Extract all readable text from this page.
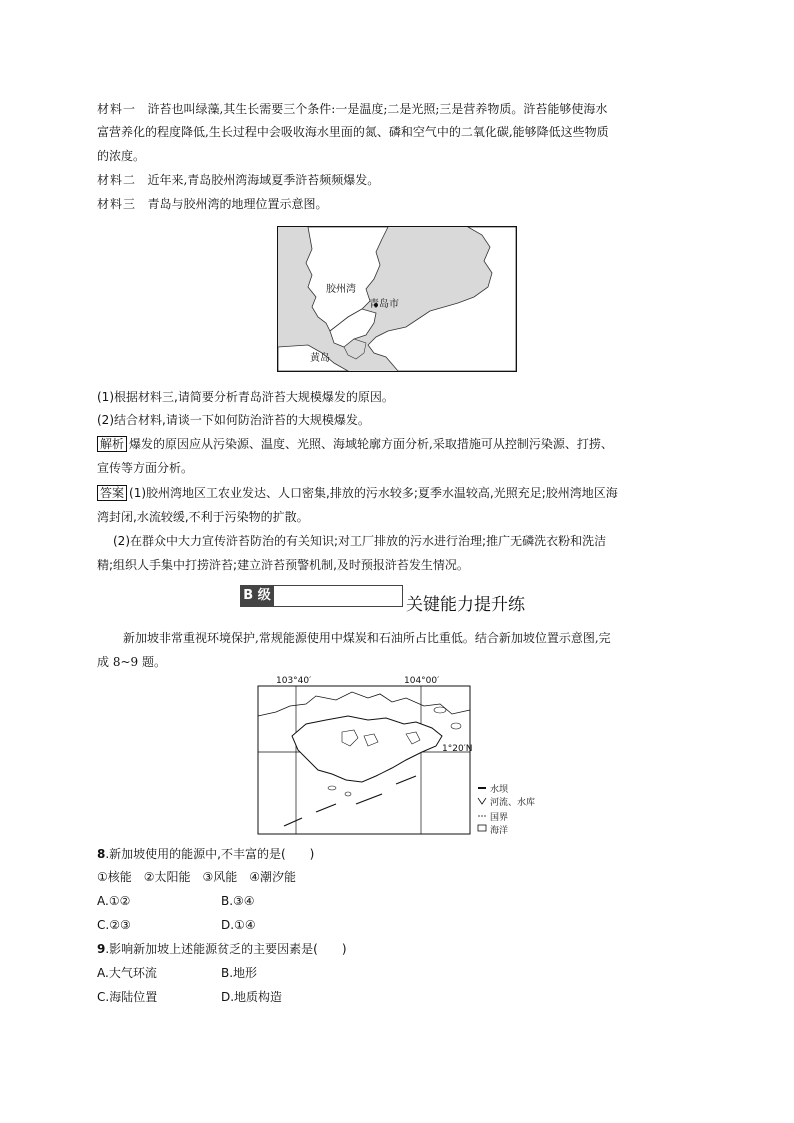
材料一 浒苔也叫绿藻,其生长需要三个条件:一是温度;二是光照;三是营养物质。浒苔能够使海水
富营养化的程度降低,生长过程中会吸收海水里面的氮、磷和空气中的二氧化碳,能够降低这些物质
的浓度。
材料二 近年来,青岛胶州湾海域夏季浒苔频频爆发。
材料三 青岛与胶州湾的地理位置示意图。
胶州湾
青岛市
黄岛
(1)根据材料三,请简要分析青岛浒苔大规模爆发的原因。
(2)结合材料,请谈一下如何防治浒苔的大规模爆发。
解析 爆发的原因应从污染源、温度、光照、海域轮廓方面分析,采取措施可从控制污染源、打捞、
宣传等方面分析。
答案 (1)胶州湾地区工农业发达、人口密集,排放的污水较多;夏季水温较高,光照充足;胶州湾地区海
湾封闭,水流较缓,不利于污染物的扩散。
(2)在群众中大力宣传浒苔防治的有关知识;对工厂排放的污水进行治理;推广无磷洗衣粉和洗洁
精;组织人手集中打捞浒苔;建立浒苔预警机制,及时预报浒苔发生情况。
B 级	关键能力提升练
新加坡非常重视环境保护,常规能源使用中煤炭和石油所占比重低。结合新加坡位置示意图,完
成 8~9 题。
103°40′	104°00′
1°20′N
水坝
河流、水库
国界
海洋
8.新加坡使用的能源中,不丰富的是(　　)
①核能　②太阳能　③风能　④潮汐能
A.①②	B.③④
C.②③	D.①④
9.影响新加坡上述能源贫乏的主要因素是(　　)
A.大气环流	B.地形
C.海陆位置	D.地质构造
